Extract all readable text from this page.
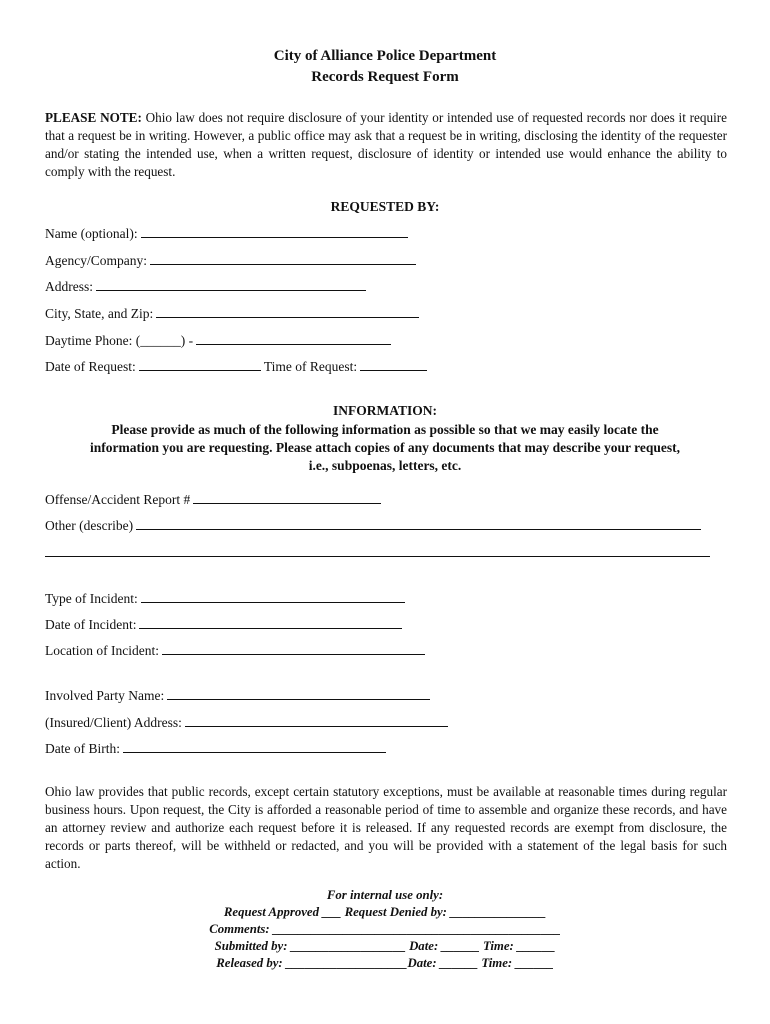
City of Alliance Police Department
Records Request Form
PLEASE NOTE: Ohio law does not require disclosure of your identity or intended use of requested records nor does it require that a request be in writing. However, a public office may ask that a request be in writing, disclosing the identity of the requester and/or stating the intended use, when a written request, disclosure of identity or intended use would enhance the ability to comply with the request.
REQUESTED BY:
Name (optional):
Agency/Company:
Address:
City, State, and Zip:
Daytime Phone: (______) -
Date of Request:	Time of Request:
INFORMATION:
Please provide as much of the following information as possible so that we may easily locate the
information you are requesting. Please attach copies of any documents that may describe your request,
i.e., subpoenas, letters, etc.
Offense/Accident Report #
Other (describe)
Type of Incident:
Date of Incident:
Location of Incident:
Involved Party Name:
(Insured/Client) Address:
Date of Birth:
Ohio law provides that public records, except certain statutory exceptions, must be available at reasonable times during regular business hours. Upon request, the City is afforded a reasonable period of time to assemble and organize these records, and have an attorney review and authorize each request before it is released. If any requested records are exempt from disclosure, the records or parts thereof, will be withheld or redacted, and you will be provided with a statement of the legal basis for such action.
For internal use only:
Request Approved ___ Request Denied by: _______________
Comments: _____________________________________________
Submitted by: __________________ Date: ______ Time: ______
Released by: ___________________Date: ______ Time: ______
